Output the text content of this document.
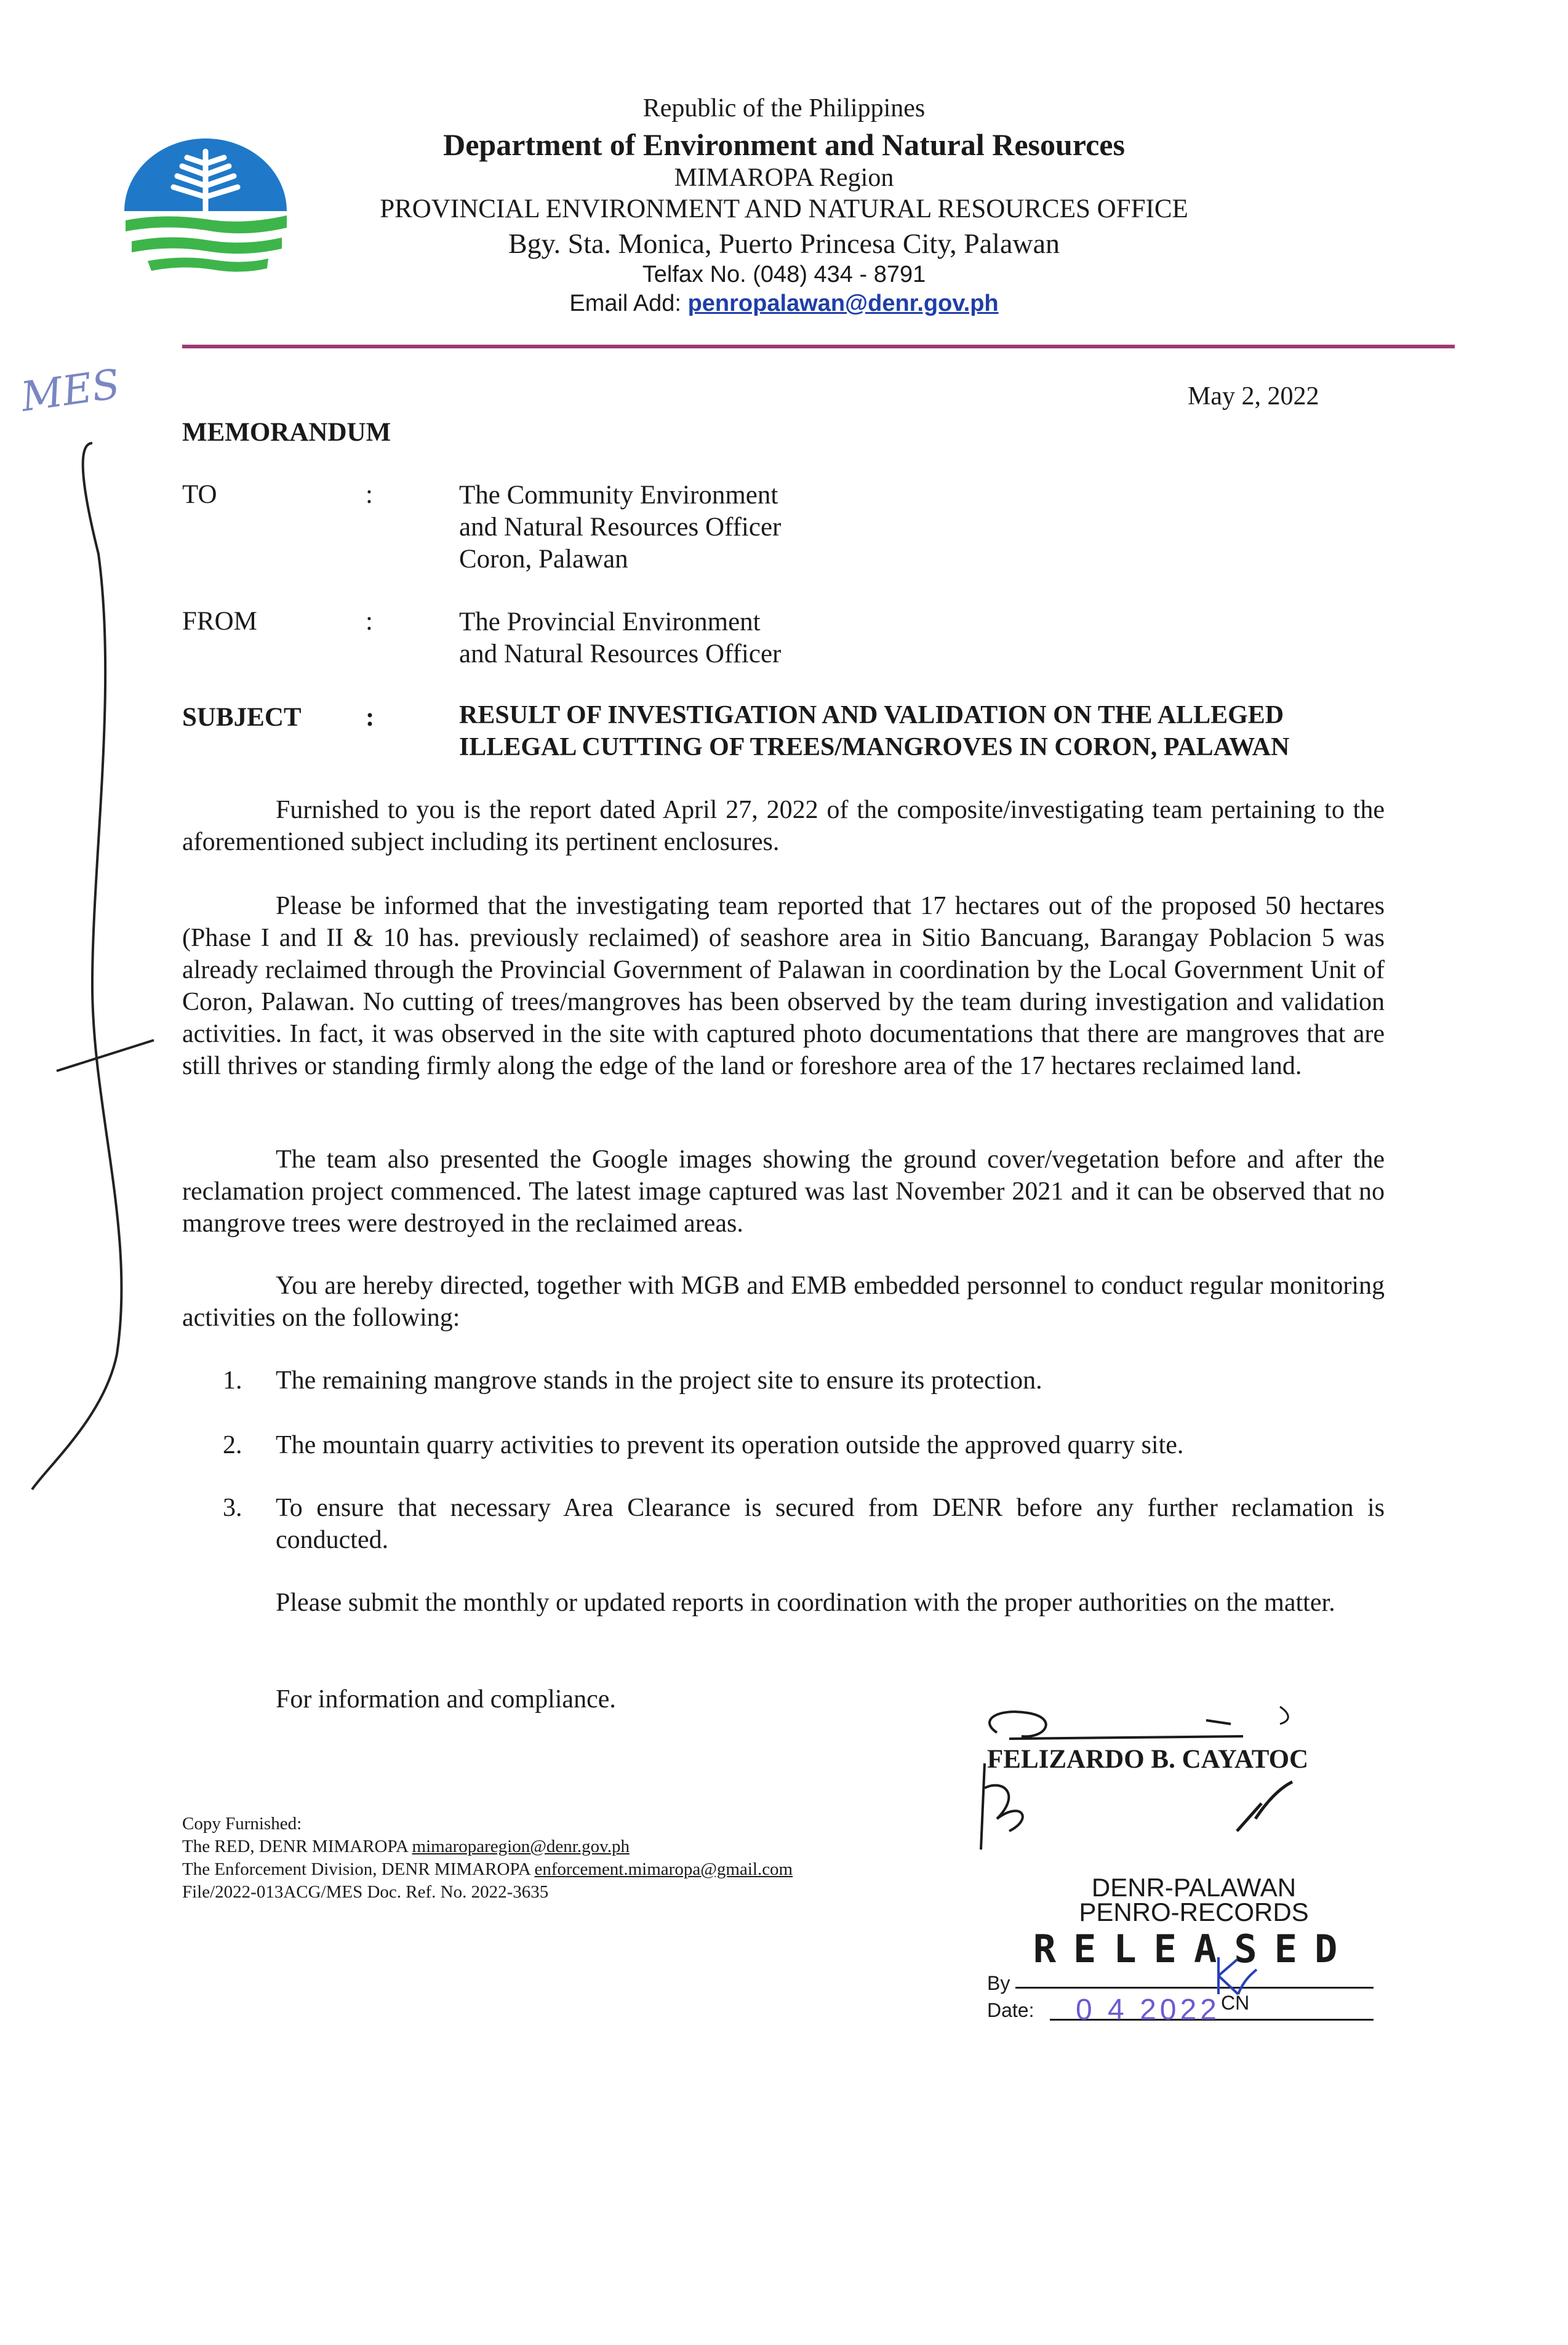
Republic of the Philippines
Department of Environment and Natural Resources
MIMAROPA Region
PROVINCIAL ENVIRONMENT AND NATURAL RESOURCES OFFICE
Bgy. Sta. Monica, Puerto Princesa City, Palawan
Telfax No. (048) 434 - 8791
Email Add: penropalawan@denr.gov.ph
MES	May 2, 2022
MEMORANDUM
TO	:	The Community Environment
and Natural Resources Officer
Coron, Palawan
FROM	:	The Provincial Environment
and Natural Resources Officer
SUBJECT :	RESULT OF INVESTIGATION AND VALIDATION ON THE ALLEGED
ILLEGAL CUTTING OF TREES/MANGROVES IN CORON, PALAWAN
Furnished to you is the report dated April 27, 2022 of the composite/investigating team pertaining to the aforementioned subject including its pertinent enclosures.
Please be informed that the investigating team reported that 17 hectares out of the proposed 50 hectares (Phase I and II & 10 has. previously reclaimed) of seashore area in Sitio Bancuang, Barangay Poblacion 5 was already reclaimed through the Provincial Government of Palawan in coordination by the Local Government Unit of Coron, Palawan. No cutting of trees/mangroves has been observed by the team during investigation and validation activities. In fact, it was observed in the site with captured photo documentations that there are mangroves that are still thrives or standing firmly along the edge of the land or foreshore area of the 17 hectares reclaimed land.
The team also presented the Google images showing the ground cover/vegetation before and after the reclamation project commenced. The latest image captured was last November 2021 and it can be observed that no mangrove trees were destroyed in the reclaimed areas.
You are hereby directed, together with MGB and EMB embedded personnel to conduct regular monitoring activities on the following:
1. The remaining mangrove stands in the project site to ensure its protection.
2. The mountain quarry activities to prevent its operation outside the approved quarry site.
3. To ensure that necessary Area Clearance is secured from DENR before any further reclamation is conducted.
Please submit the monthly or updated reports in coordination with the proper authorities on the matter.
For information and compliance.
FELIZARDO B. CAYATOC
Copy Furnished:
The RED, DENR MIMAROPA mimaroparegion@denr.gov.ph
The Enforcement Division, DENR MIMAROPA enforcement.mimaropa@gmail.com
File/2022-013ACG/MES Doc. Ref. No. 2022-3635	DENR-PALAWAN
PENRO-RECORDS
RELEASED
By
Date: 0 4 2022 CN
